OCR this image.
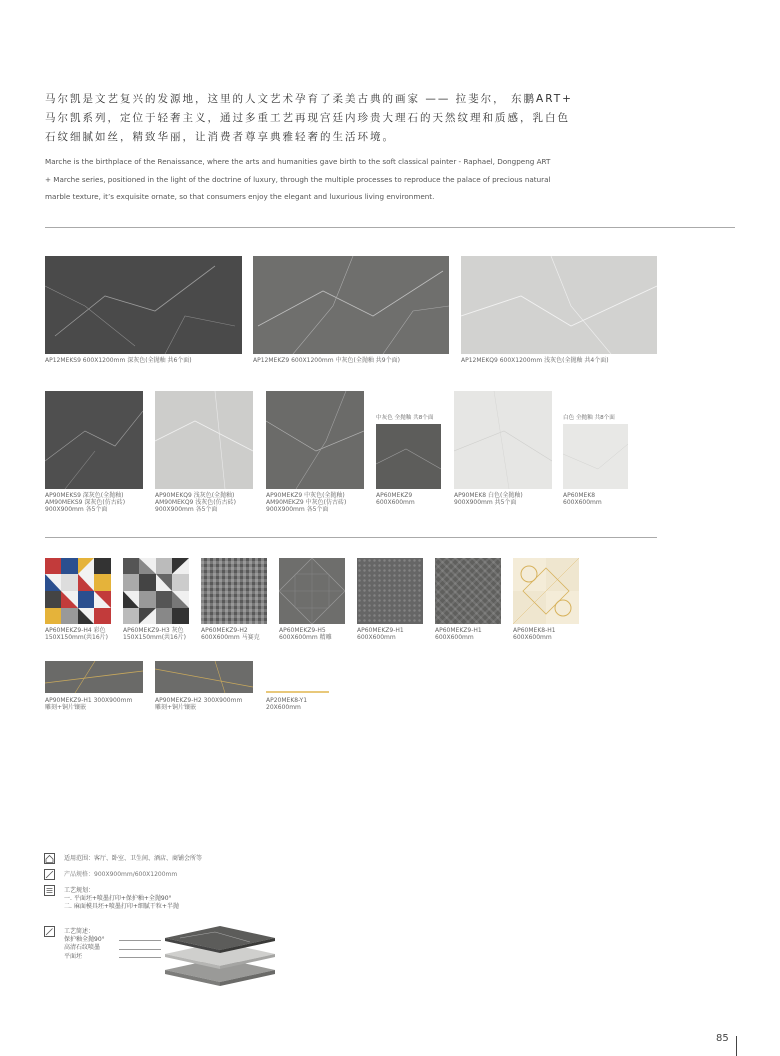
马尔凯是文艺复兴的发源地，这里的人文艺术孕育了柔美古典的画家 —— 拉斐尔， 东鹏ART+
马尔凯系列，定位于轻奢主义，通过多重工艺再现宫廷内珍贵大理石的天然纹理和质感，乳白色
石纹细腻如丝，精致华丽，让消费者尊享典雅轻奢的生活环境。
Marche is the birthplace of the Renaissance, where the arts and humanities gave birth to the soft classical painter - Raphael, Dongpeng ART
+ Marche series, positioned in the light of the doctrine of luxury, through the multiple processes to reproduce the palace of precious natural
marble texture, it’s exquisite ornate, so that consumers enjoy the elegant and luxurious living environment.
AP12MEKS9 600X1200mm 深灰色(全抛釉 共6个面)	AP12MEKZ9 600X1200mm 中灰色(全抛釉 共9个面)	AP12MEKQ9 600X1200mm 浅灰色(全抛釉 共4个面)
中灰色 全抛釉 共8个面	白色 全抛釉 共8个面
AP90MEKS9 深灰色(全抛釉)
AM90MEKS9 深灰色(仿古砖)
900X900mm 各5个面
AP90MEKQ9 浅灰色(全抛釉)
AM90MEKQ9 浅灰色(仿古砖)
900X900mm 各5个面
AP90MEKZ9 中灰色(全抛釉)
AM90MEKZ9 中灰色(仿古砖)
900X900mm 各5个面
AP60MEKZ9
600X600mm
AP90MEK8 白色(全抛釉)
900X900mm 共5个面
AP60MEK8
600X600mm
AP60MEKZ9-H4 彩色
150X150mm(共16片)
AP60MEKZ9-H3 灰色
150X150mm(共16片)
AP60MEKZ9-H2
600X600mm 马赛克
AP60MEKZ9-H5
600X600mm 精雕
AP60MEKZ9-H1
600X600mm
AP60MEKZ9-H1
600X600mm
AP60MEK8-H1
600X600mm
AP90MEKZ9-H1 300X900mm
雕刻+铜片镶嵌
AP90MEKZ9-H2 300X900mm
雕刻+铜片镶嵌
AP20MEK8-Y1
20X600mm
适用范围：客厅、卧室、卫生间、酒店、商铺会所等
产品规格：900X900mm/600X1200mm
工艺规划：
一. 平面坯+喷墨打印+保护釉+全抛90°
二. 麻面模具坯+喷墨打印+细腻干粒+半抛
工艺简述：
保护釉全抛90°
高清石纹喷墨
平面坯
85
